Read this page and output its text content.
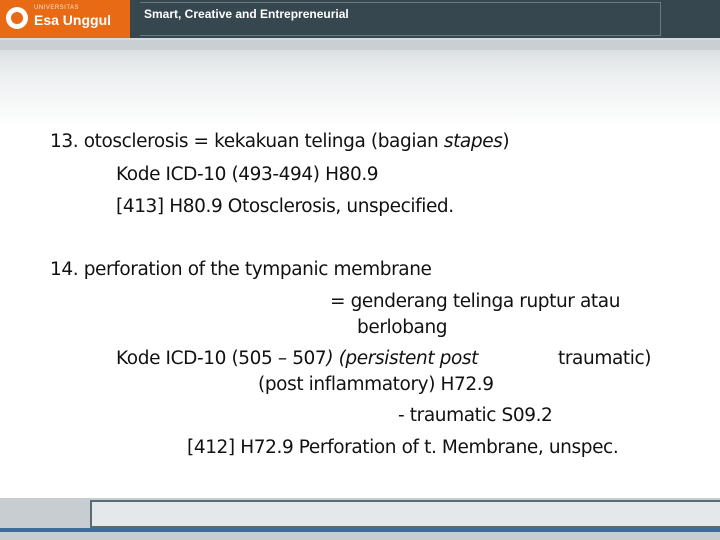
UNIVERSITAS
Esa Unggul	Smart, Creative and Entrepreneurial
13. otosclerosis = kekakuan telinga (bagian stapes)
Kode ICD-10 (493-494) H80.9
[413] H80.9 Otosclerosis, unspecified.
14. perforation of the tympanic membrane
= genderang telinga ruptur atau
berlobang
Kode ICD-10 (505 – 507) (persistent post	traumatic)
(post inflammatory) H72.9
- traumatic S09.2
[412] H72.9 Perforation of t. Membrane, unspec.
